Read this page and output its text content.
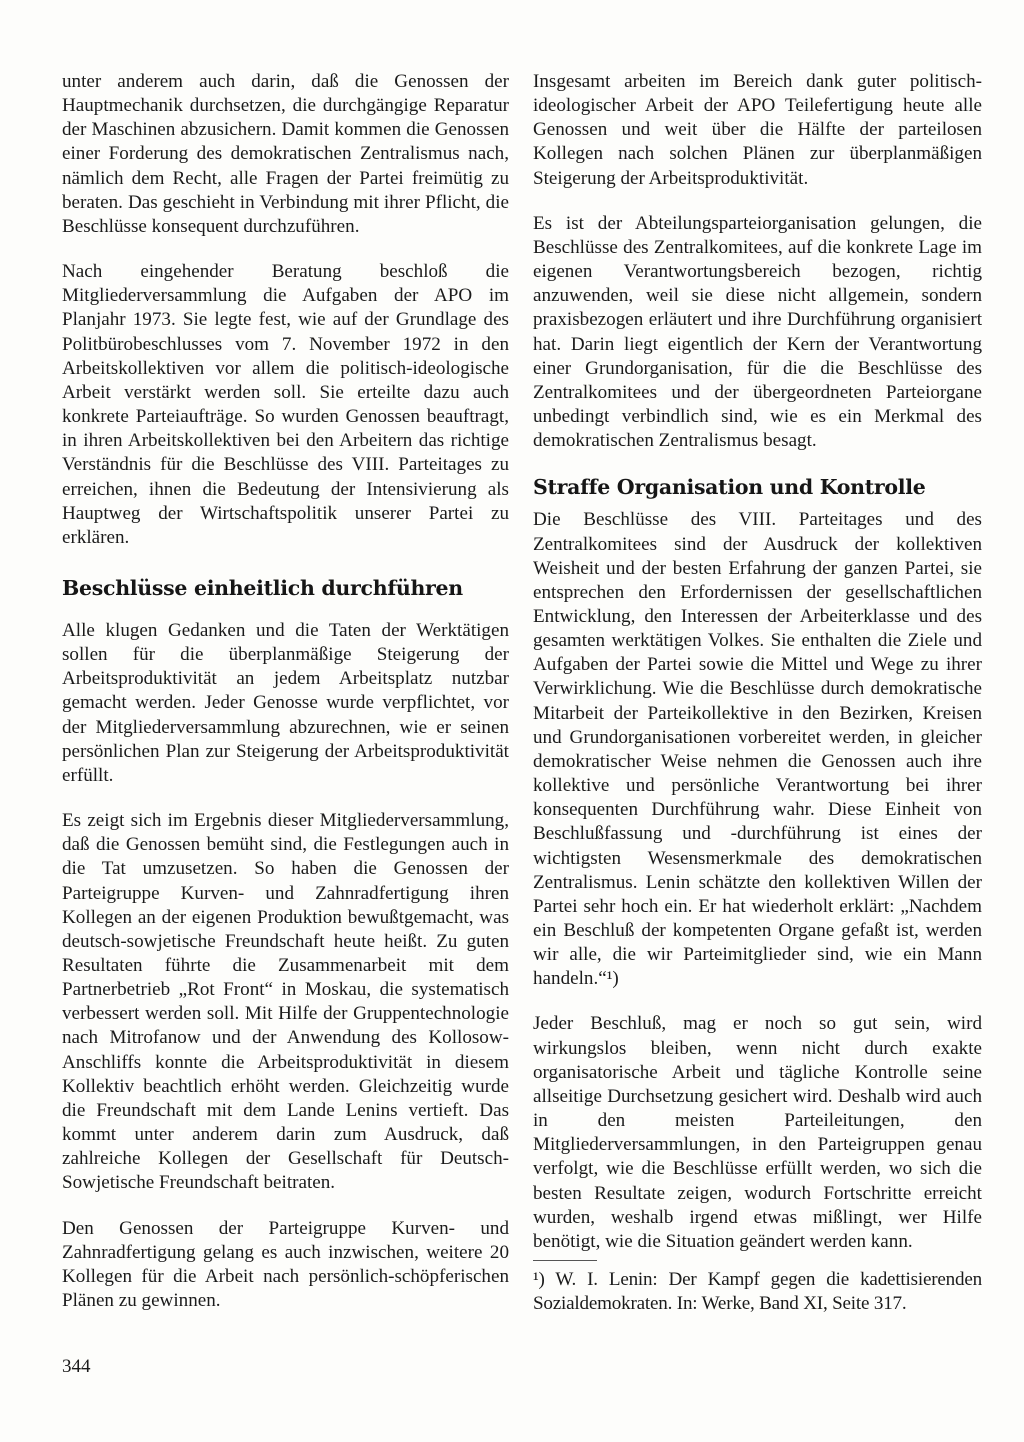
unter anderem auch darin, daß die Genossen der Hauptmechanik durchsetzen, die durchgängige Reparatur der Maschinen abzusichern. Damit kommen die Genossen einer Forderung des demokratischen Zentralismus nach, nämlich dem Recht, alle Fragen der Partei freimütig zu beraten. Das geschieht in Verbindung mit ihrer Pflicht, die Beschlüsse konsequent durchzuführen.

Nach eingehender Beratung beschloß die Mitgliederversammlung die Aufgaben der APO im Planjahr 1973. Sie legte fest, wie auf der Grundlage des Politbürobeschlusses vom 7. November 1972 in den Arbeitskollektiven vor allem die politisch-ideologische Arbeit verstärkt werden soll. Sie erteilte dazu auch konkrete Parteiaufträge. So wurden Genossen beauftragt, in ihren Arbeitskollektiven bei den Arbeitern das richtige Verständnis für die Beschlüsse des VIII. Parteitages zu erreichen, ihnen die Bedeutung der Intensivierung als Hauptweg der Wirtschaftspolitik unserer Partei zu erklären.

Beschlüsse einheitlich durchführen

Alle klugen Gedanken und die Taten der Werktätigen sollen für die überplanmäßige Steigerung der Arbeitsproduktivität an jedem Arbeitsplatz nutzbar gemacht werden. Jeder Genosse wurde verpflichtet, vor der Mitgliederversammlung abzurechnen, wie er seinen persönlichen Plan zur Steigerung der Arbeitsproduktivität erfüllt.

Es zeigt sich im Ergebnis dieser Mitgliederversammlung, daß die Genossen bemüht sind, die Festlegungen auch in die Tat umzusetzen. So haben die Genossen der Parteigruppe Kurven- und Zahnradfertigung ihren Kollegen an der eigenen Produktion bewußtgemacht, was deutsch-sowjetische Freundschaft heute heißt. Zu guten Resultaten führte die Zusammenarbeit mit dem Partnerbetrieb „Rot Front“ in Moskau, die systematisch verbessert werden soll. Mit Hilfe der Gruppentechnologie nach Mitrofanow und der Anwendung des Kollosow-Anschliffs konnte die Arbeitsproduktivität in diesem Kollektiv beachtlich erhöht werden. Gleichzeitig wurde die Freundschaft mit dem Lande Lenins vertieft. Das kommt unter anderem darin zum Ausdruck, daß zahlreiche Kollegen der Gesellschaft für Deutsch-Sowjetische Freundschaft beitraten.

Den Genossen der Parteigruppe Kurven- und Zahnradfertigung gelang es auch inzwischen, weitere 20 Kollegen für die Arbeit nach persönlich-schöpferischen Plänen zu gewinnen.

Insgesamt arbeiten im Bereich dank guter politisch-ideologischer Arbeit der APO Teilefertigung heute alle Genossen und weit über die Hälfte der parteilosen Kollegen nach solchen Plänen zur überplanmäßigen Steigerung der Arbeitsproduktivität.

Es ist der Abteilungsparteiorganisation gelungen, die Beschlüsse des Zentralkomitees, auf die konkrete Lage im eigenen Verantwortungsbereich bezogen, richtig anzuwenden, weil sie diese nicht allgemein, sondern praxisbezogen erläutert und ihre Durchführung organisiert hat. Darin liegt eigentlich der Kern der Verantwortung einer Grundorganisation, für die die Beschlüsse des Zentralkomitees und der übergeordneten Parteiorgane unbedingt verbindlich sind, wie es ein Merkmal des demokratischen Zentralismus besagt.

Straffe Organisation und Kontrolle

Die Beschlüsse des VIII. Parteitages und des Zentralkomitees sind der Ausdruck der kollektiven Weisheit und der besten Erfahrung der ganzen Partei, sie entsprechen den Erfordernissen der gesellschaftlichen Entwicklung, den Interessen der Arbeiterklasse und des gesamten werktätigen Volkes. Sie enthalten die Ziele und Aufgaben der Partei sowie die Mittel und Wege zu ihrer Verwirklichung. Wie die Beschlüsse durch demokratische Mitarbeit der Parteikollektive in den Bezirken, Kreisen und Grundorganisationen vorbereitet werden, in gleicher demokratischer Weise nehmen die Genossen auch ihre kollektive und persönliche Verantwortung bei ihrer konsequenten Durchführung wahr. Diese Einheit von Beschlußfassung und -durchführung ist eines der wichtigsten Wesensmerkmale des demokratischen Zentralismus. Lenin schätzte den kollektiven Willen der Partei sehr hoch ein. Er hat wiederholt erklärt: „Nachdem ein Beschluß der kompetenten Organe gefaßt ist, werden wir alle, die wir Parteimitglieder sind, wie ein Mann handeln.“¹)

Jeder Beschluß, mag er noch so gut sein, wird wirkungslos bleiben, wenn nicht durch exakte organisatorische Arbeit und tägliche Kontrolle seine allseitige Durchsetzung gesichert wird. Deshalb wird auch in den meisten Parteileitungen, den Mitgliederversammlungen, in den Parteigruppen genau verfolgt, wie die Beschlüsse erfüllt werden, wo sich die besten Resultate zeigen, wodurch Fortschritte erreicht wurden, weshalb irgend etwas mißlingt, wer Hilfe benötigt, wie die Situation geändert werden kann.

¹) W. I. Lenin: Der Kampf gegen die kadettisierenden Sozialdemokraten. In: Werke, Band XI, Seite 317.

344
